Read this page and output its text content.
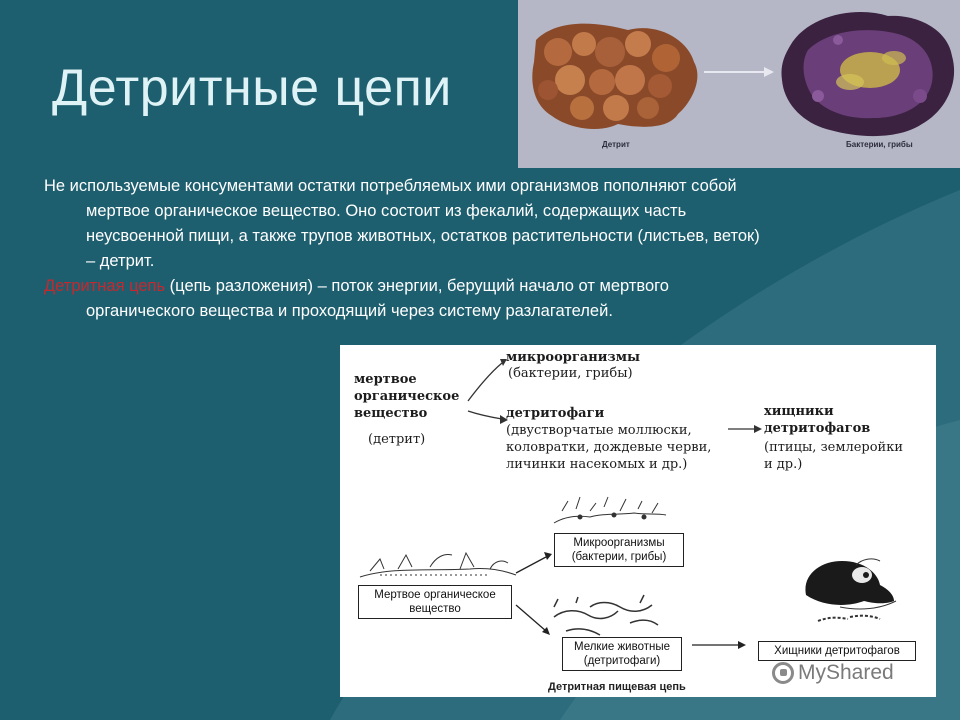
Детритные цепи
Детрит	Бактерии, грибы

Не используемые консументами остатки потребляемых ими организмов пополняют собой мертвое органическое вещество. Оно состоит из фекалий, содержащих часть неусвоенной пищи, а также трупов животных, остатков растительности (листьев, веток) – детрит.

Детритная цепь (цепь разложения) – поток энергии, берущий начало от мертвого органического вещества и проходящий через систему разлагателей.

мертвое
органическое
вещество
(детрит)
микроорганизмы
(бактерии, грибы)
детритофаги
(двустворчатые моллюски,
коловратки, дождевые черви,
личинки насекомых и др.)
хищники
детритофагов
(птицы, землеройки
и др.)
Микроорганизмы
(бактерии, грибы)
Мертвое органическое
вещество
Мелкие животные
(детритофаги)
Хищники детритофагов
Детритная пищевая цепь
MyShared
